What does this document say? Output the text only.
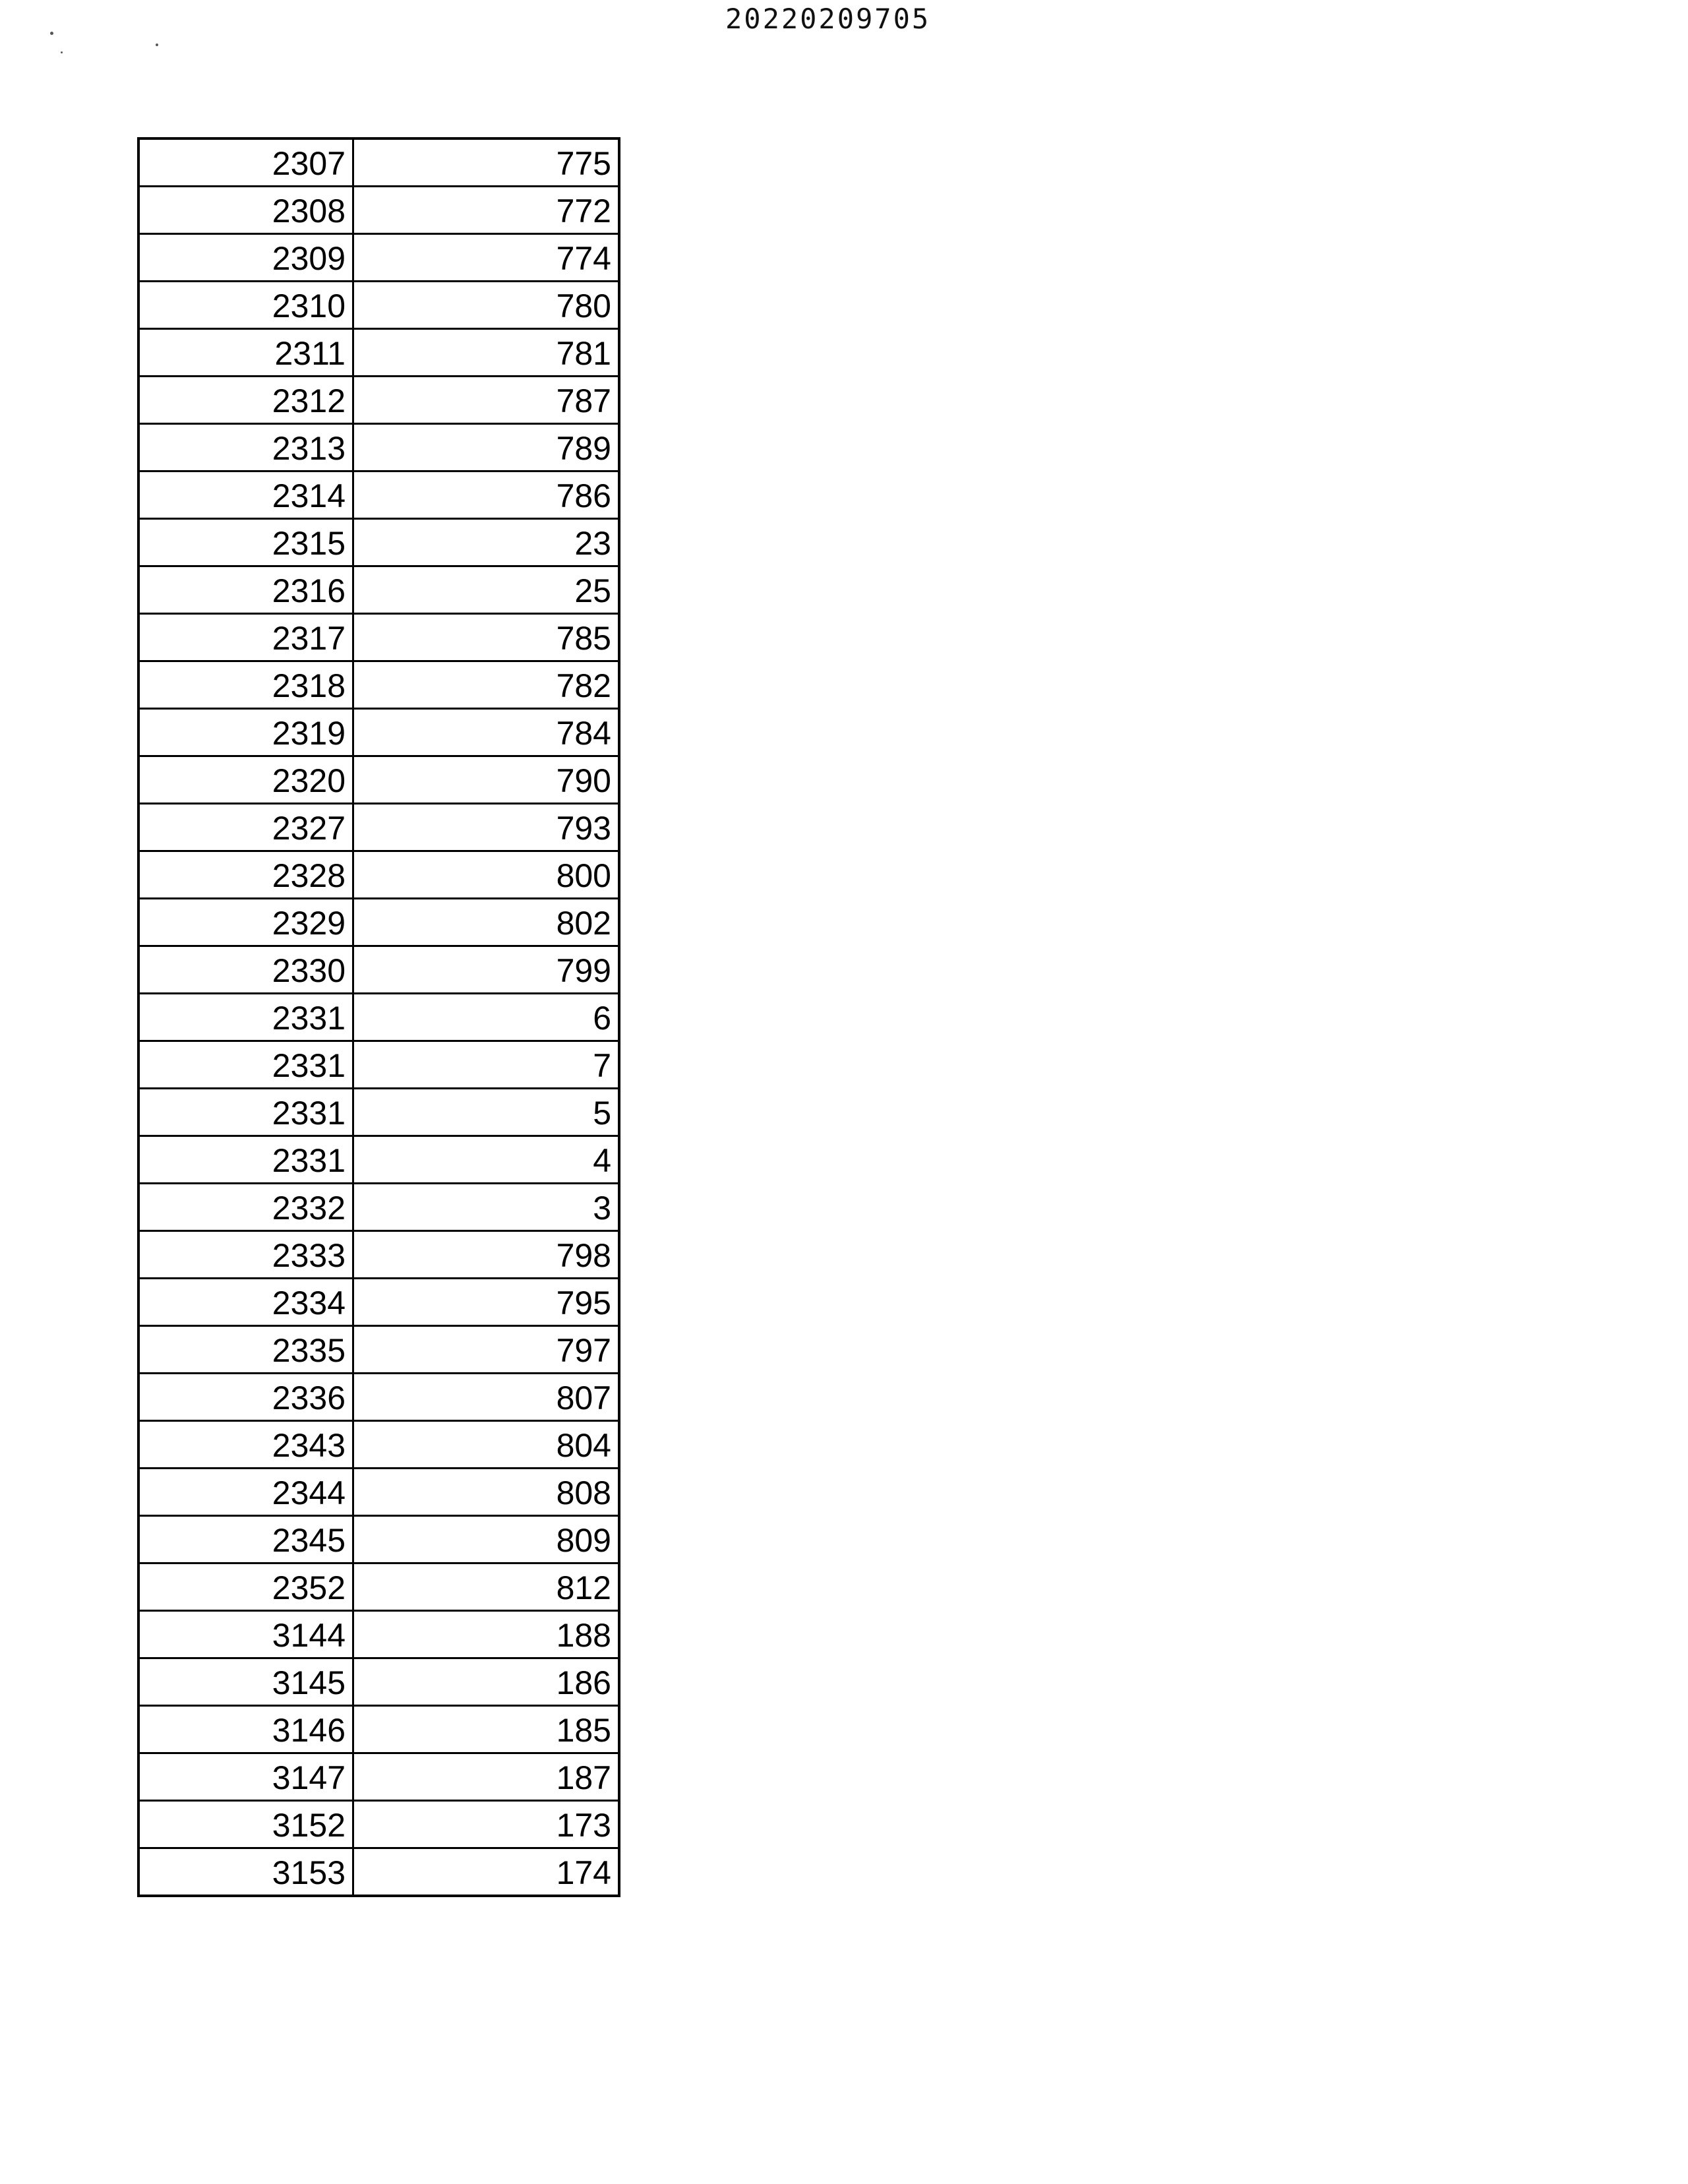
20220209705
2307	775
2308	772
2309	774
2310	780
2311	781
2312	787
2313	789
2314	786
2315	23
2316	25
2317	785
2318	782
2319	784
2320	790
2327	793
2328	800
2329	802
2330	799
2331	6
2331	7
2331	5
2331	4
2332	3
2333	798
2334	795
2335	797
2336	807
2343	804
2344	808
2345	809
2352	812
3144	188
3145	186
3146	185
3147	187
3152	173
3153	174
